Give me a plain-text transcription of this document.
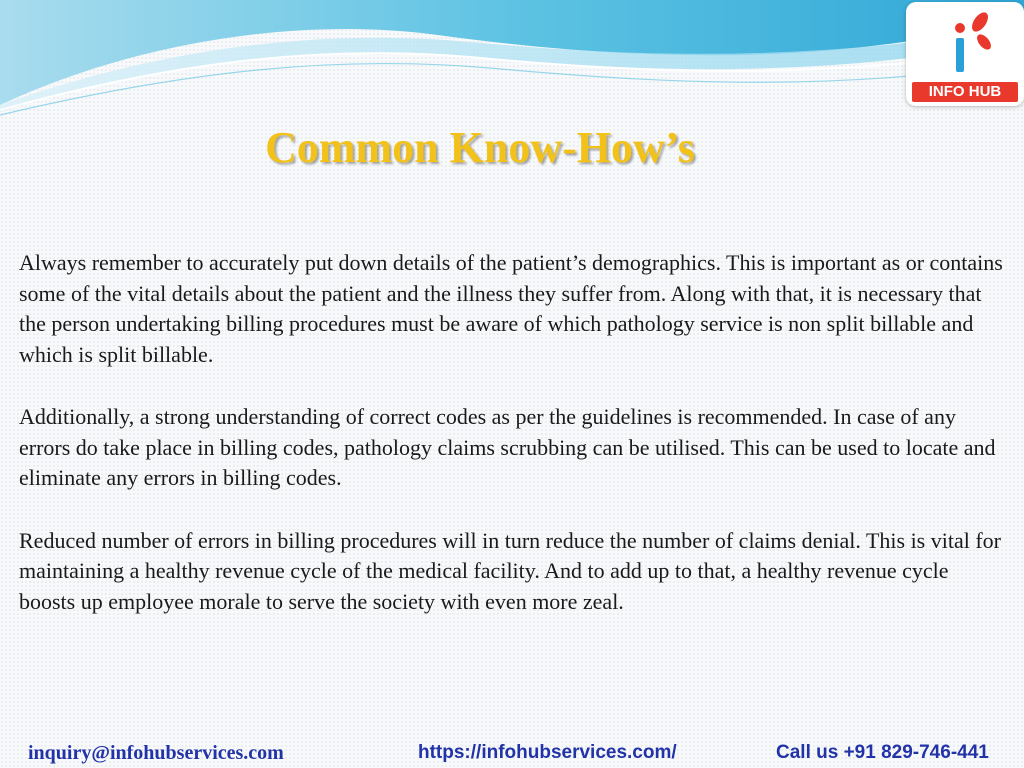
INFO HUB
Common Know-How’s

Always remember to accurately put down details of the patient’s demographics. This is important as or contains some of the vital details about the patient and the illness they suffer from. Along with that, it is necessary that the person undertaking billing procedures must be aware of which pathology service is non split billable and which is split billable.

Additionally, a strong understanding of correct codes as per the guidelines is recommended. In case of any errors do take place in billing codes, pathology claims scrubbing can be utilised. This can be used to locate and eliminate any errors in billing codes.

Reduced number of errors in billing procedures will in turn reduce the number of claims denial. This is vital for maintaining a healthy revenue cycle of the medical facility. And to add up to that, a healthy revenue cycle boosts up employee morale to serve the society with even more zeal.

inquiry@infohubservices.com	https://infohubservices.com/	Call us +91 829-746-441
